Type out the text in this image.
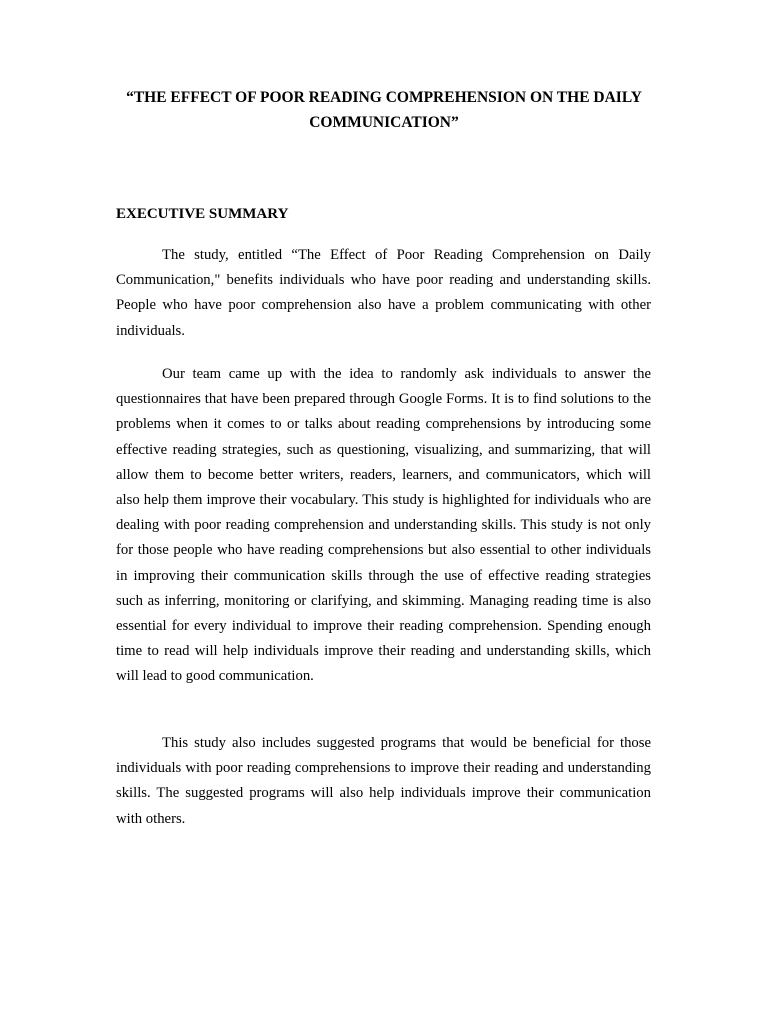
“THE EFFECT OF POOR READING COMPREHENSION ON THE DAILY COMMUNICATION”
EXECUTIVE SUMMARY

The study, entitled “The Effect of Poor Reading Comprehension on Daily Communication," benefits individuals who have poor reading and understanding skills. People who have poor comprehension also have a problem communicating with other individuals.

Our team came up with the idea to randomly ask individuals to answer the questionnaires that have been prepared through Google Forms. It is to find solutions to the problems when it comes to or talks about reading comprehensions by introducing some effective reading strategies, such as questioning, visualizing, and summarizing, that will allow them to become better writers, readers, learners, and communicators, which will also help them improve their vocabulary. This study is highlighted for individuals who are dealing with poor reading comprehension and understanding skills. This study is not only for those people who have reading comprehensions but also essential to other individuals in improving their communication skills through the use of effective reading strategies such as inferring, monitoring or clarifying, and skimming. Managing reading time is also essential for every individual to improve their reading comprehension. Spending enough time to read will help individuals improve their reading and understanding skills, which will lead to good communication.

This study also includes suggested programs that would be beneficial for those individuals with poor reading comprehensions to improve their reading and understanding skills. The suggested programs will also help individuals improve their communication with others.
